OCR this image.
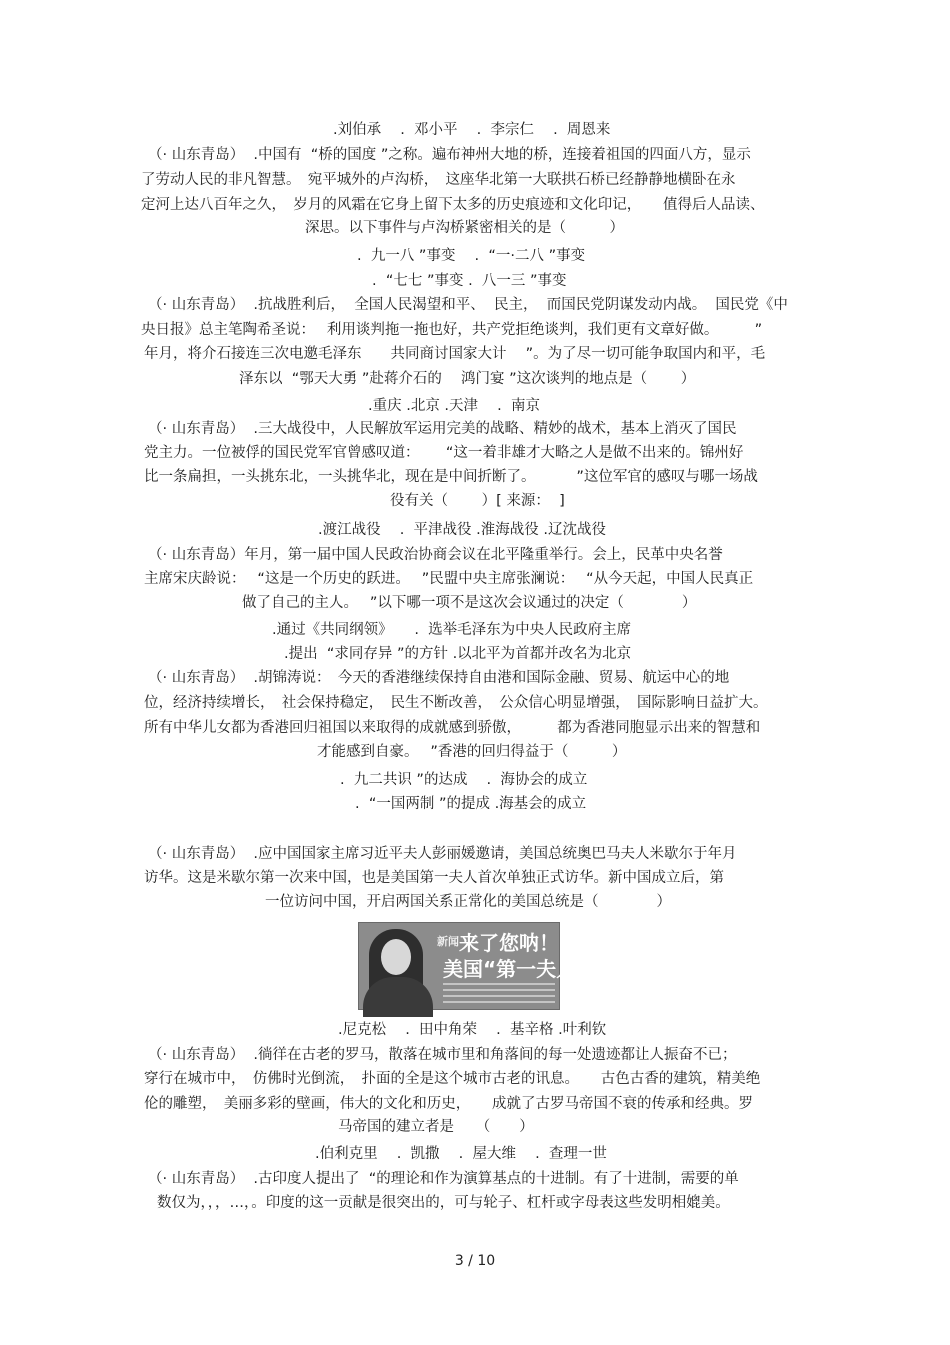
.刘伯承　 .  邓小平　 .  李宗仁　 .  周恩来
（· 山东青岛）  .中国有  “桥的国度 ”之称。遍布神州大地的桥，连接着祖国的四面八方，显示
了劳动人民的非凡智慧。　宛平城外的卢沟桥，　这座华北第一大联拱石桥已经静静地横卧在永
定河上达八百年之久，　岁月的风霜在它身上留下太多的历史痕迹和文化印记，　　值得后人品读、
深思。以下事件与卢沟桥紧密相关的是（　　　）
.  九一八 ”事变　 .  “一·二八 ”事变
.  “七七 ”事变 .  八一三 ”事变
（· 山东青岛）  .抗战胜利后，  全国人民渴望和平、  民主，  而国民党阴谋发动内战。  国民党《中
央日报》总主笔陶希圣说：　 利用谈判拖一拖也好，共产党拒绝谈判，我们更有文章好做。　　　”
年月，将介石接连三次电邀毛泽东　　共同商讨国家大计　 ”。为了尽一切可能争取国内和平，毛
泽东以  “鄂天大勇 ”赴蒋介石的　 鸿门宴 ”这次谈判的地点是（　　 ）
.重庆 .北京 .天津　 .  南京
（· 山东青岛）  .三大战役中，人民解放军运用完美的战略、精妙的战术，基本上消灭了国民
党主力。一位被俘的国民党军官曾感叹道：　　 “这一着非雄才大略之人是做不出来的。锦州好
比一条扁担，一头挑东北，一头挑华北，现在是中间折断了。　　　 ”这位军官的感叹与哪一场战
役有关（　　 ）[ 来源：  ]
.渡江战役　 .  平津战役 .淮海战役 .辽沈战役
（· 山东青岛）年月，第一届中国人民政治协商会议在北平隆重举行。会上，民革中央名誉
主席宋庆龄说：　 “这是一个历史的跃进。　 ”民盟中央主席张澜说：　 “从今天起，中国人民真正
做了自己的主人。　 ”以下哪一项不是这次会议通过的决定（　　　　）
.通过《共同纲领》　　.  选举毛泽东为中央人民政府主席
.提出  “求同存异 ”的方针 .以北平为首都并改名为北京
（· 山东青岛）  .胡锦涛说：　今天的香港继续保持自由港和国际金融、贸易、航运中心的地
位，经济持续增长，　社会保持稳定，　民生不断改善，　公众信心明显增强，　国际影响日益扩大。
所有中华儿女都为香港回归祖国以来取得的成就感到骄傲，　　　都为香港同胞显示出来的智慧和
才能感到自豪。　 ”香港的回归得益于（　　　）
.  九二共识 ”的达成　 .  海协会的成立
.  “一国两制 ”的提成 .海基会的成立
（· 山东青岛）  .应中国国家主席习近平夫人彭丽媛邀请，美国总统奥巴马夫人米歇尔于年月
访华。这是米歇尔第一次来中国，也是美国第一夫人首次单独正式访华。新中国成立后，第
一位访问中国，开启两国关系正常化的美国总统是（　　　　）
新闻 来了您呐！
美国“第一夫人”
.尼克松　 .  田中角荣　 .  基辛格 .叶利钦
（· 山东青岛）  .徜徉在古老的罗马，散落在城市里和角落间的每一处遗迹都让人振奋不已；
穿行在城市中，　仿佛时光倒流，　扑面的全是这个城市古老的讯息。　　古色古香的建筑，精美绝
伦的雕塑，　美丽多彩的壁画，伟大的文化和历史，　　成就了古罗马帝国不衰的传承和经典。罗
马帝国的建立者是　　（　　）
.伯利克里　 .  凯撒　 .  屋大维　 .  查理一世
（· 山东青岛）  .古印度人提出了  “的理论和作为演算基点的十进制。有了十进制，需要的单
数仅为，，，…，。印度的这一贡献是很突出的，可与轮子、杠杆或字母表这些发明相媲美。
3 / 10
